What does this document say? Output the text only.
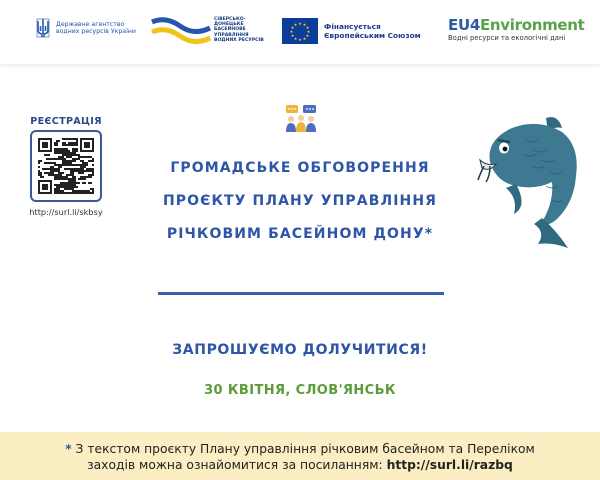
Державне агентство
водних ресурсів України
СІВЕРСЬКО-ДОНЕЦЬКЕ
БАСЕЙНОВЕ УПРАВЛІННЯ
ВОДНИХ РЕСУРСІВ
★ ★
★
★
★
★
★
★
★
★
★
★	Фінансується
Європейським Союзом
EU4Environment
Водні ресурси та екологічні дані
РЕЄСТРАЦІЯ
http://surl.li/skbsy
ГРОМАДСЬКЕ ОБГОВОРЕННЯ
ПРОЄКТУ ПЛАНУ УПРАВЛІННЯ
РІЧКОВИМ БАСЕЙНОМ ДОНУ*
ЗАПРОШУЄМО ДОЛУЧИТИСЯ!
30 КВІТНЯ, СЛОВ'ЯНСЬК
* З текстом проєкту Плану управління річковим басейном та Переліком
заходів можна ознайомитися за посиланням: http://surl.li/razbq
